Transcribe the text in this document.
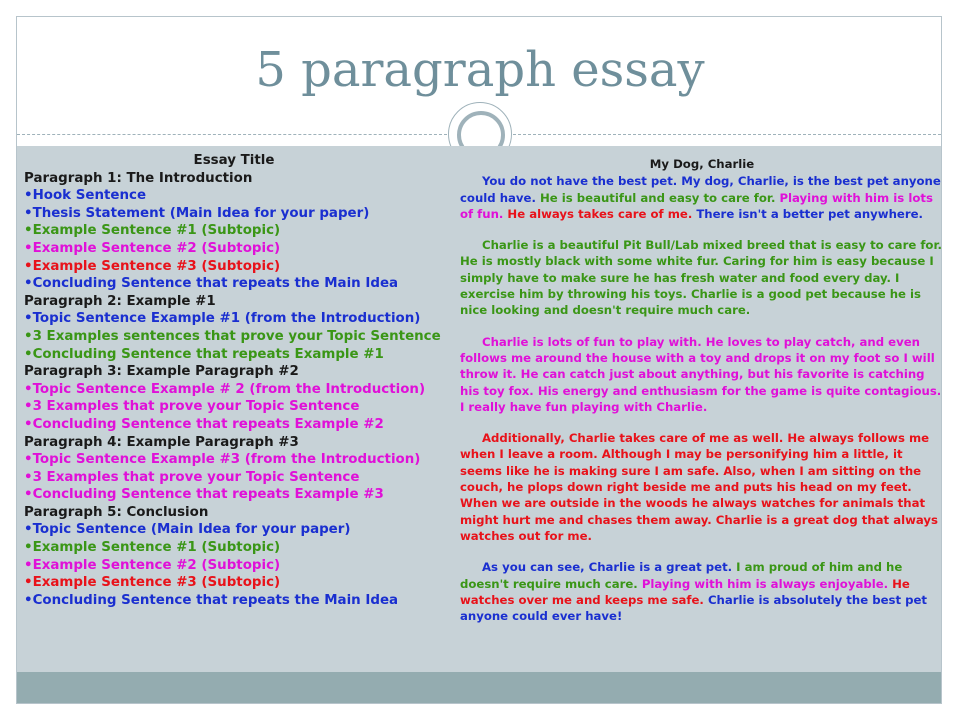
5 paragraph essay
Essay Title
Paragraph 1: The Introduction
• Hook Sentence
• Thesis Statement (Main Idea for your paper)
• Example Sentence #1 (Subtopic)
• Example Sentence #2 (Subtopic)
• Example Sentence #3 (Subtopic)
• Concluding Sentence that repeats the Main Idea
Paragraph 2: Example #1
• Topic Sentence Example #1 (from the Introduction)
• 3 Examples sentences that prove your Topic Sentence
• Concluding Sentence that repeats Example #1
Paragraph 3: Example Paragraph #2
• Topic Sentence Example # 2 (from the Introduction)
• 3 Examples that prove your Topic Sentence
• Concluding Sentence that repeats Example #2
Paragraph 4: Example Paragraph #3
• Topic Sentence Example #3 (from the Introduction)
• 3 Examples that prove your Topic Sentence
• Concluding Sentence that repeats Example #3
Paragraph 5: Conclusion
• Topic Sentence (Main Idea for your paper)
• Example Sentence #1 (Subtopic)
• Example Sentence #2 (Subtopic)
• Example Sentence #3 (Subtopic)
• Concluding Sentence that repeats the Main Idea
My Dog, Charlie

You do not have the best pet. My dog, Charlie, is the best pet anyone could have. He is beautiful and easy to care for. Playing with him is lots of fun. He always takes care of me. There isn't a better pet anywhere.

Charlie is a beautiful Pit Bull/Lab mixed breed that is easy to care for. He is mostly black with some white fur. Caring for him is easy because I simply have to make sure he has fresh water and food every day. I exercise him by throwing his toys. Charlie is a good pet because he is nice looking and doesn't require much care.

Charlie is lots of fun to play with. He loves to play catch, and even follows me around the house with a toy and drops it on my foot so I will throw it. He can catch just about anything, but his favorite is catching his toy fox. His energy and enthusiasm for the game is quite contagious. I really have fun playing with Charlie.

Additionally, Charlie takes care of me as well. He always follows me when I leave a room. Although I may be personifying him a little, it seems like he is making sure I am safe. Also, when I am sitting on the couch, he plops down right beside me and puts his head on my feet. When we are outside in the woods he always watches for animals that might hurt me and chases them away. Charlie is a great dog that always watches out for me.

As you can see, Charlie is a great pet. I am proud of him and he doesn't require much care. Playing with him is always enjoyable. He watches over me and keeps me safe. Charlie is absolutely the best pet anyone could ever have!
